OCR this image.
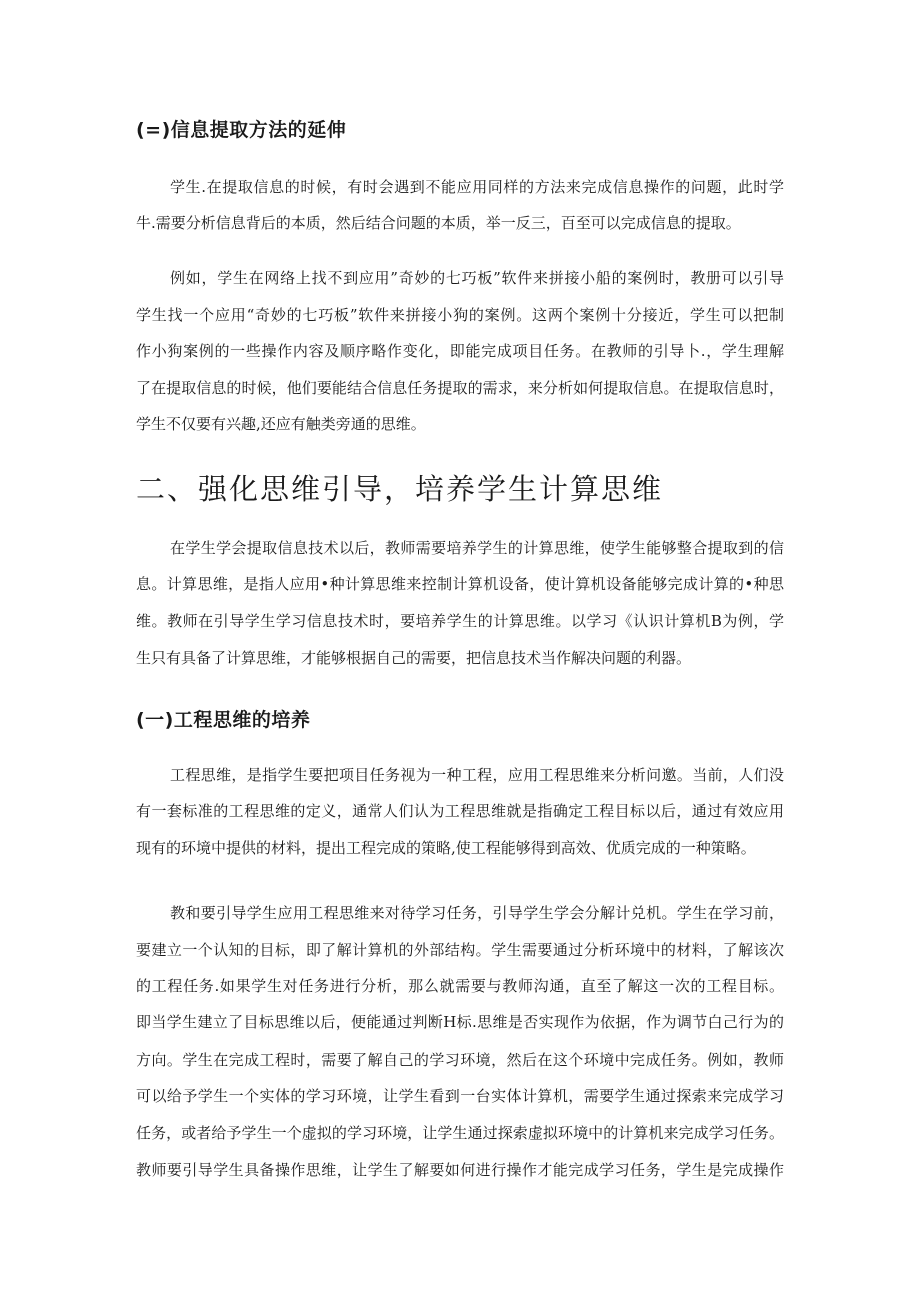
(=)信息提取方法的延伸
学生.在提取信息的时候，有时会遇到不能应用同样的方法来完成信息操作的问题，此时学
牛.需要分析信息背后的本质，然后结合问题的本质，举一反三，百至可以完成信息的提取。
例如，学生在网络上找不到应用”奇妙的七巧板”软件来拼接小船的案例时，教册可以引导
学生找一个应用“奇妙的七巧板”软件来拼接小狗的案例。这两个案例十分接近，学生可以把制
作小狗案例的一些操作内容及顺序略作变化，即能完成项目任务。在教师的引导卜.，学生理解
了在提取信息的时候，他们要能结合信息任务提取的需求，来分析如何提取信息。在提取信息时，
学生不仅要有兴趣,还应有触类旁通的思维。
二、强化思维引导，培养学生计算思维
在学生学会提取信息技术以后，教师需要培养学生的计算思维，使学生能够整合提取到的信
息。计算思维，是指人应用•种计算思维来控制计算机设备，使计算机设备能够完成计算的•种思
维。教师在引导学生学习信息技术时，要培养学生的计算思维。以学习《认识计算机B为例，学
生只有具备了计算思维，才能够根据自己的需要，把信息技术当作解决问题的利器。
(一)工程思维的培养
工程思维，是指学生要把项目任务视为一种工程，应用工程思维来分析问邀。当前，人们没
有一套标准的工程思维的定义，通常人们认为工程思维就是指确定工程目标以后，通过有效应用
现有的环境中提供的材料，提出工程完成的策略,使工程能够得到高效、优质完成的一种策略。
教和要引导学生应用工程思维来对待学习任务，引导学生学会分解计兑机。学生在学习前，
要建立一个认知的目标，即了解计算机的外部结构。学生需要通过分析环境中的材料，了解该次
的工程任务.如果学生对任务进行分析，那么就需要与教师沟通，直至了解这一次的工程目标。
即当学生建立了目标思维以后，便能通过判断H标.思维是否实现作为依据，作为调节白己行为的
方向。学生在完成工程时，需要了解自己的学习环境，然后在这个环境中完成任务。例如，教师
可以给予学生一个实体的学习环境，让学生看到一台实体计算机，需要学生通过探索来完成学习
任务，或者给予学生一个虚拟的学习环境，让学生通过探索虚拟环境中的计算机来完成学习任务。
教师要引导学生具备操作思维，让学生了解要如何进行操作才能完成学习任务，学生是完成操作
